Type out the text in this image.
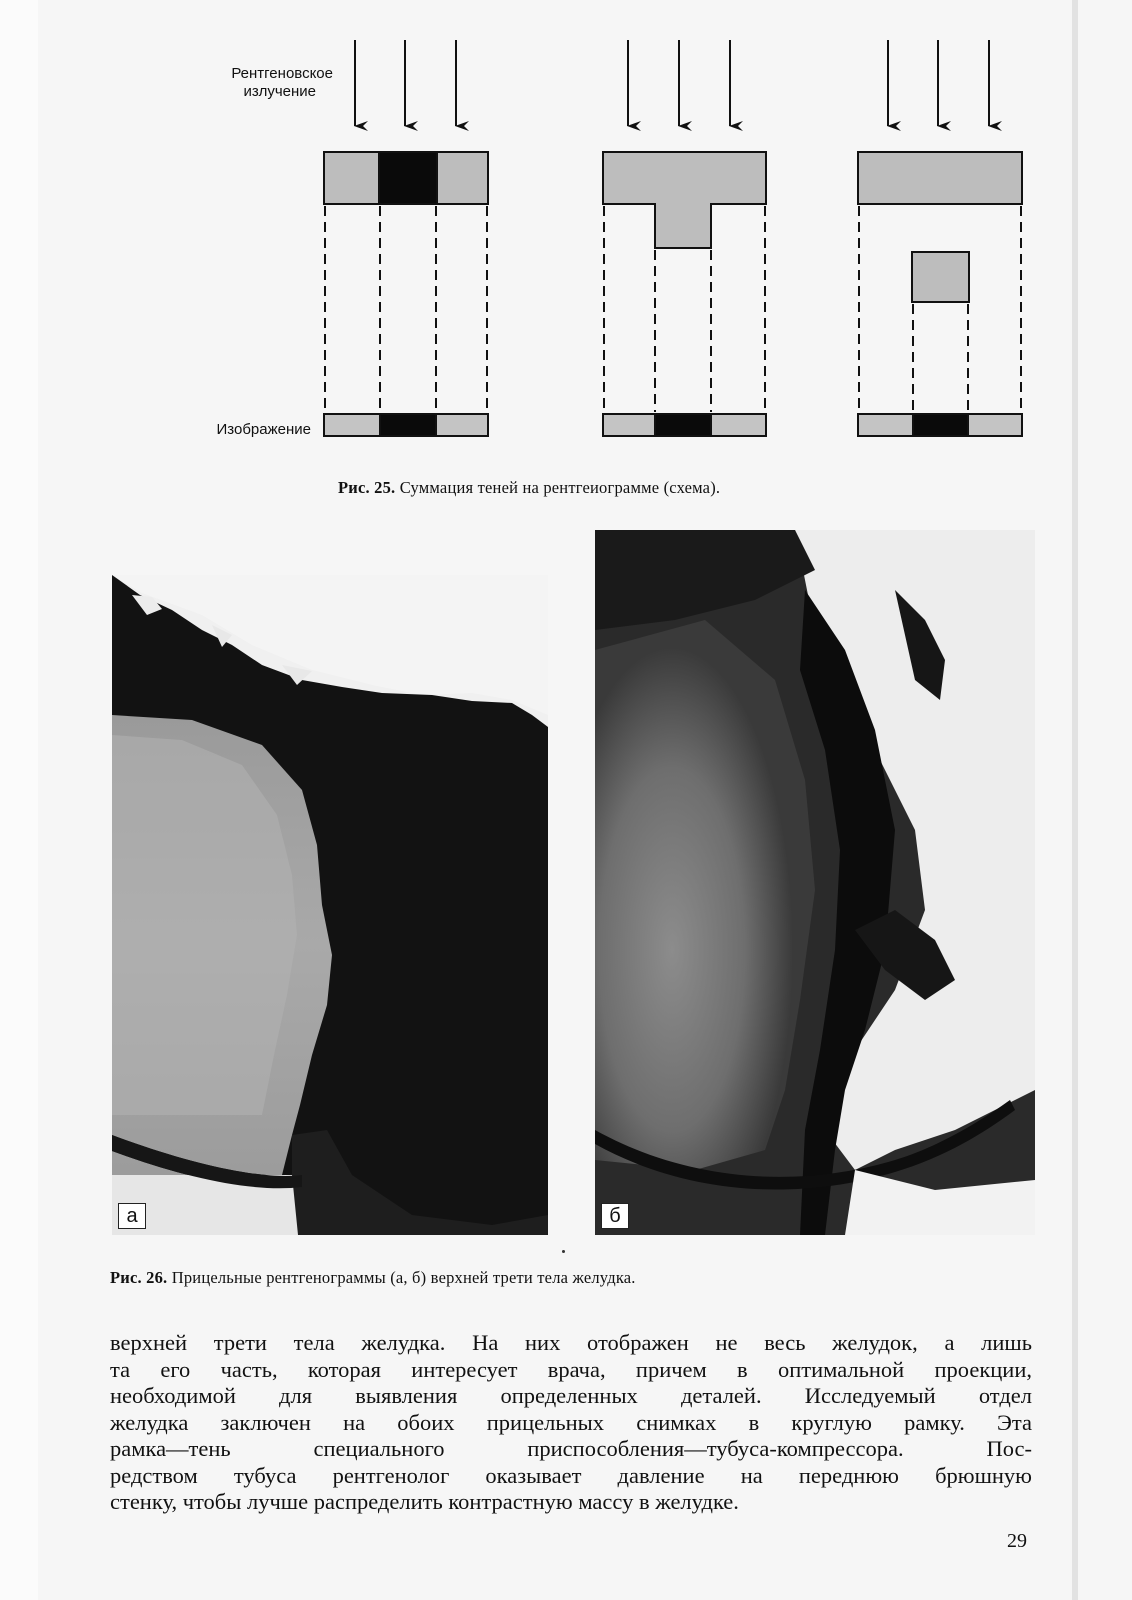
Рентгеновское
излучение
Изображение
Рис. 25. Суммация теней на рентгеиограмме (схема).
а	б
Рис. 26. Прицельные рентгенограммы (а, б) верхней трети тела желудка.
верхней трети тела желудка. На них отображен не весь желудок, а лишь
та его часть, которая интересует врача, причем в оптимальной проекции,
необходимой для выявления определенных деталей. Исследуемый отдел
желудка заключен на обоих прицельных снимках в круглую рамку. Эта
рамка—тень специального приспособления—тубуса-компрессора. Пос-
редством тубуса рентгенолог оказывает давление на переднюю брюшную
стенку, чтобы лучше распределить контрастную массу в желудке.
29
